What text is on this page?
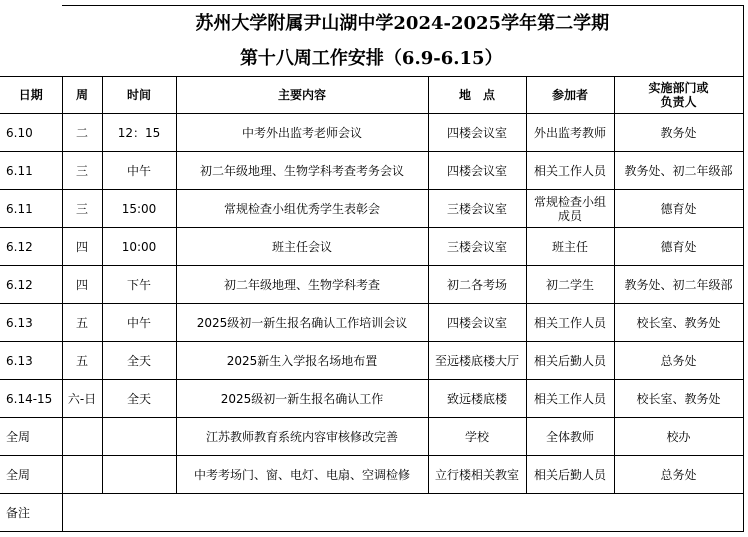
	苏州大学附属尹山湖中学2024-2025学年第二学期					
第十八周工作安排（6.9-6.15）						
日期	周	时间	主要内容	地　点	参加者	实施部门或
负责人

6.10	二	12：15	中考外出监考老师会议	四楼会议室	外出监考教师	教务处
6.11	三	中午	初二年级地理、生物学科考查考务会议	四楼会议室	相关工作人员	教务处、初二年级部
6.11	三	15:00	常规检查小组优秀学生表彰会	三楼会议室	常规检查小组成员	德育处
6.12	四	10:00	班主任会议	三楼会议室	班主任	德育处
6.12	四	下午	初二年级地理、生物学科考查	初二各考场	初二学生	教务处、初二年级部
6.13	五	中午	2025级初一新生报名确认工作培训会议	四楼会议室	相关工作人员	校长室、教务处
6.13	五	全天	2025新生入学报名场地布置	至远楼底楼大厅	相关后勤人员	总务处
6.14-15	六-日	全天	2025级初一新生报名确认工作	致远楼底楼	相关工作人员	校长室、教务处
全周			江苏教师教育系统内容审核修改完善	学校	全体教师	校办
全周			中考考场门、窗、电灯、电扇、空调检修	立行楼相关教室	相关后勤人员	总务处
备注						
